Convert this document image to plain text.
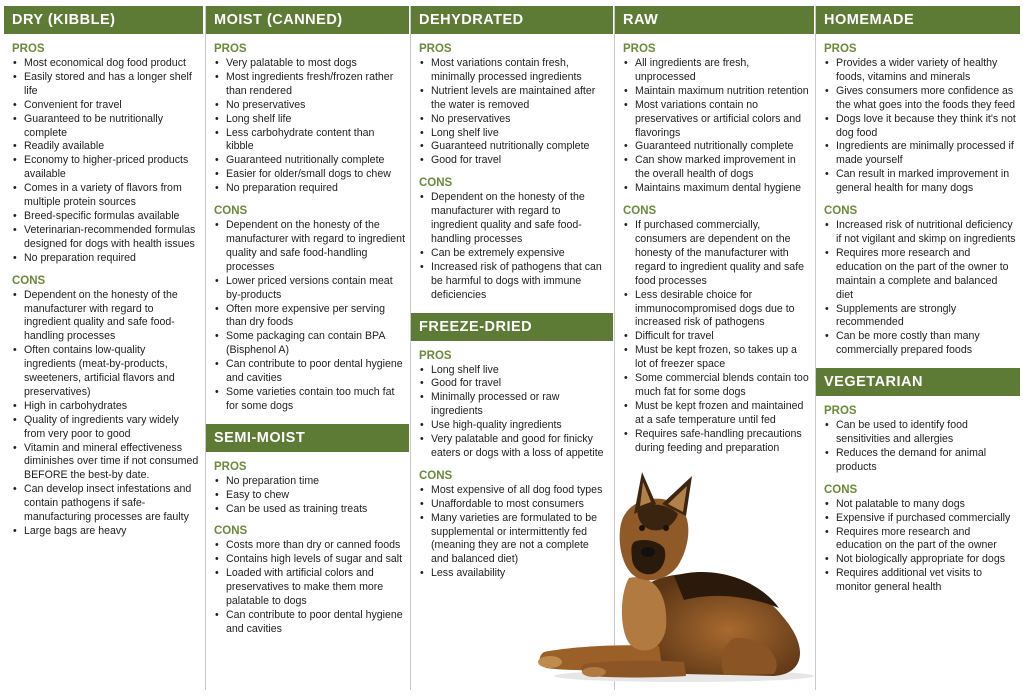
DRY (KIBBLE)
PROS
• Most economical dog food product
• Easily stored and has a longer shelf life
• Convenient for travel
• Guaranteed to be nutritionally complete
• Readily available
• Economy to higher-priced products available
• Comes in a variety of flavors from multiple protein sources
• Breed-specific formulas available
• Veterinarian-recommended formulas designed for dogs with health issues
• No preparation required
CONS
• Dependent on the honesty of the manufacturer with regard to ingredient quality and safe food-handling processes
• Often contains low-quality ingredients (meat-by-products, sweeteners, artificial flavors and preservatives)
• High in carbohydrates
• Quality of ingredients vary widely from very poor to good
• Vitamin and mineral effectiveness diminishes over time if not consumed BEFORE the best-by date.
• Can develop insect infestations and contain pathogens if safe-manufacturing processes are faulty
• Large bags are heavy
MOIST (CANNED)
PROS
• Very palatable to most dogs
• Most ingredients fresh/frozen rather than rendered
• No preservatives
• Long shelf life
• Less carbohydrate content than kibble
• Guaranteed nutritionally complete
• Easier for older/small dogs to chew
• No preparation required
CONS
• Dependent on the honesty of the manufacturer with regard to ingredient quality and safe food-handling processes
• Lower priced versions contain meat by-products
• Often more expensive per serving than dry foods
• Some packaging can contain BPA (Bisphenol A)
• Can contribute to poor dental hygiene and cavities
• Some varieties contain too much fat for some dogs
SEMI-MOIST
PROS
• No preparation time
• Easy to chew
• Can be used as training treats
CONS
• Costs more than dry or canned foods
• Contains high levels of sugar and salt
• Loaded with artificial colors and preservatives to make them more palatable to dogs
• Can contribute to poor dental hygiene and cavities
DEHYDRATED
PROS
• Most variations contain fresh, minimally processed ingredients
• Nutrient levels are maintained after the water is removed
• No preservatives
• Long shelf live
• Guaranteed nutritionally complete
• Good for travel
CONS
• Dependent on the honesty of the manufacturer with regard to ingredient quality and safe food-handling processes
• Can be extremely expensive
• Increased risk of pathogens that can be harmful to dogs with immune deficiencies
FREEZE-DRIED
PROS
• Long shelf live
• Good for travel
• Minimally processed or raw ingredients
• Use high-quality ingredients
• Very palatable and good for finicky eaters or dogs with a loss of appetite
CONS
• Most expensive of all dog food types
• Unaffordable to most consumers
• Many varieties are formulated to be supplemental or intermittently fed (meaning they are not a complete and balanced diet)
• Less availability
RAW
PROS
• All ingredients are fresh, unprocessed
• Maintain maximum nutrition retention
• Most variations contain no preservatives or artificial colors and flavorings
• Guaranteed nutritionally complete
• Can show marked improvement in the overall health of dogs
• Maintains maximum dental hygiene
CONS
• If purchased commercially, consumers are dependent on the honesty of the manufacturer with regard to ingredient quality and safe food processes
• Less desirable choice for immunocompromised dogs due to increased risk of pathogens
• Difficult for travel
• Must be kept frozen, so takes up a lot of freezer space
• Some commercial blends contain too much fat for some dogs
• Must be kept frozen and maintained at a safe temperature until fed
• Requires safe-handling precautions during feeding and preparation
HOMEMADE
PROS
• Provides a wider variety of healthy foods, vitamins and minerals
• Gives consumers more confidence as the what goes into the foods they feed
• Dogs love it because they think it's not dog food
• Ingredients are minimally processed if made yourself
• Can result in marked improvement in general health for many dogs
CONS
• Increased risk of nutritional deficiency if not vigilant and skimp on ingredients
• Requires more research and education on the part of the owner to maintain a complete and balanced diet
• Supplements are strongly recommended
• Can be more costly than many commercially prepared foods
VEGETARIAN
PROS
• Can be used to identify food sensitivities and allergies
• Reduces the demand for animal products
CONS
• Not palatable to many dogs
• Expensive if purchased commercially
• Requires more research and education on the part of the owner
• Not biologically appropriate for dogs
• Requires additional vet visits to monitor general health
